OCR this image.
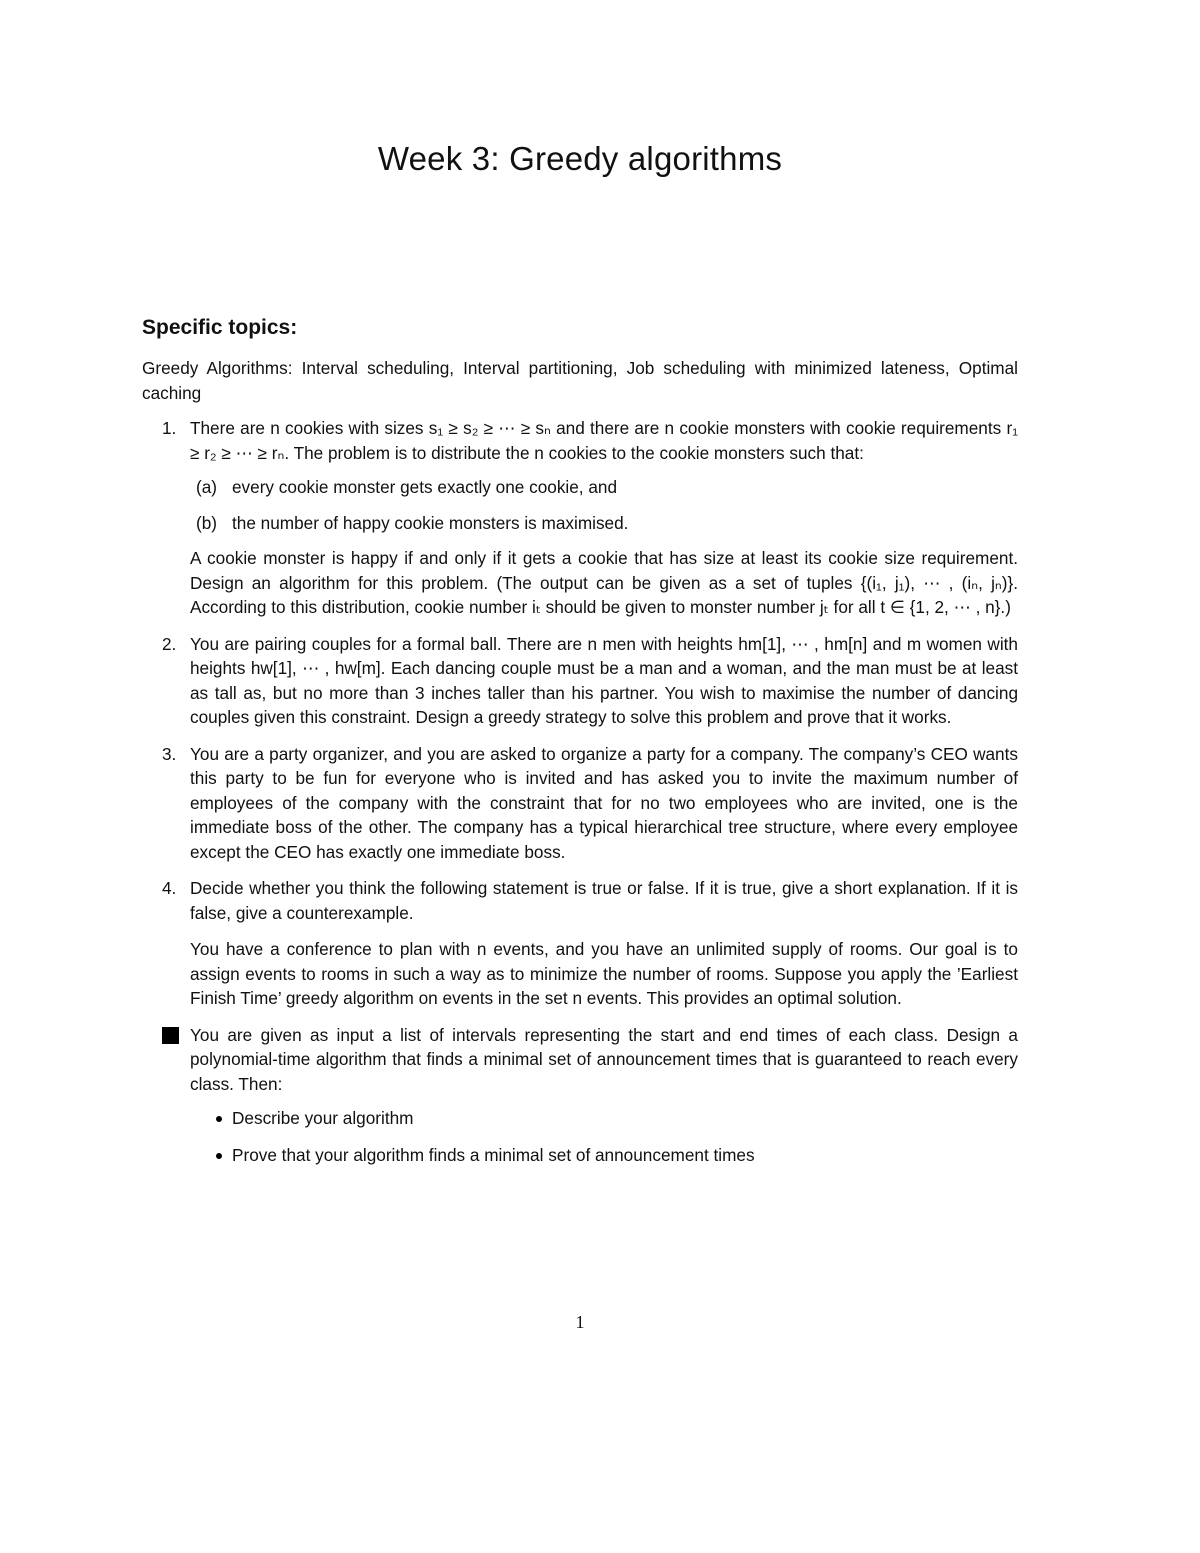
Week 3: Greedy algorithms
Specific topics:

Greedy Algorithms: Interval scheduling, Interval partitioning, Job scheduling with minimized lateness, Optimal caching

1. There are n cookies with sizes s₁ ≥ s₂ ≥ ⋯ ≥ sₙ and there are n cookie monsters with cookie requirements r₁ ≥ r₂ ≥ ⋯ ≥ rₙ. The problem is to distribute the n cookies to the cookie monsters such that:

(a) every cookie monster gets exactly one cookie, and
(b) the number of happy cookie monsters is maximised.

A cookie monster is happy if and only if it gets a cookie that has size at least its cookie size requirement. Design an algorithm for this problem. (The output can be given as a set of tuples {(i₁, j₁), ⋯ , (iₙ, jₙ)}. According to this distribution, cookie number iₜ should be given to monster number jₜ for all t ∈ {1, 2, ⋯ , n}.)

2. You are pairing couples for a formal ball. There are n men with heights hm[1], ⋯ , hm[n] and m women with heights hw[1], ⋯ , hw[m]. Each dancing couple must be a man and a woman, and the man must be at least as tall as, but no more than 3 inches taller than his partner. You wish to maximise the number of dancing couples given this constraint. Design a greedy strategy to solve this problem and prove that it works.

3. You are a party organizer, and you are asked to organize a party for a company. The company’s CEO wants this party to be fun for everyone who is invited and has asked you to invite the maximum number of employees of the company with the constraint that for no two employees who are invited, one is the immediate boss of the other. The company has a typical hierarchical tree structure, where every employee except the CEO has exactly one immediate boss.

4. Decide whether you think the following statement is true or false. If it is true, give a short explanation. If it is false, give a counterexample.

You have a conference to plan with n events, and you have an unlimited supply of rooms. Our goal is to assign events to rooms in such a way as to minimize the number of rooms. Suppose you apply the ’Earliest Finish Time’ greedy algorithm on events in the set n events. This provides an optimal solution.

You are given as input a list of intervals representing the start and end times of each class. Design a polynomial-time algorithm that finds a minimal set of announcement times that is guaranteed to reach every class. Then:

Describe your algorithm
Prove that your algorithm finds a minimal set of announcement times
1
